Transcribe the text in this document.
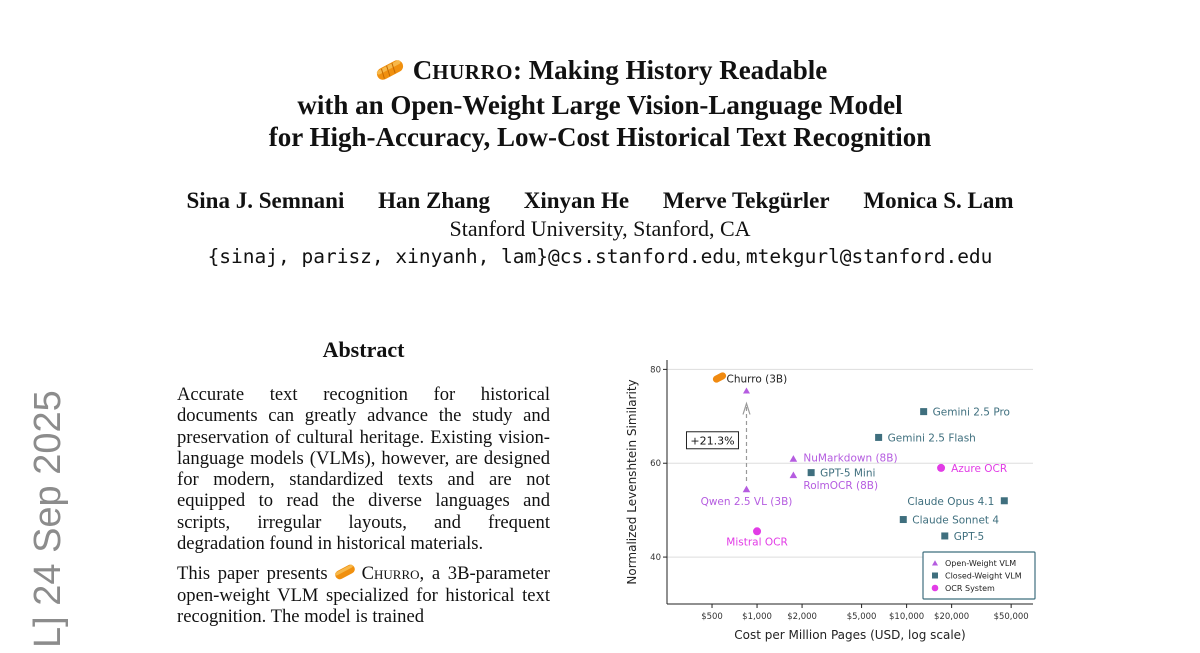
L] 24 Sep 2025
CHURRO: Making History Readable
with an Open-Weight Large Vision-Language Model
for High-Accuracy, Low-Cost Historical Text Recognition
Sina J. Semnani Han Zhang Xinyan He Merve Tekgürler Monica S. Lam
Stanford University, Stanford, CA
{sinaj, parisz, xinyanh, lam}@cs.stanford.edu, mtekgurl@stanford.edu
Abstract

Accurate text recognition for historical documents can greatly advance the study and preservation of cultural heritage. Existing vision-language models (VLMs), however, are designed for modern, standardized texts and are not equipped to read the diverse languages and scripts, irregular layouts, and frequent degradation found in historical materials.

This paper presents Churro, a 3B-parameter open-weight VLM specialized for historical text recognition. The model is trained

40
60
80
$500 $1,000 $2,000	$5,000 $10,000 $20,000	$50,000
Cost per Million Pages (USD, log scale)
Normalized Levenshtein Similarity	+21.3%
Churro (3B)
Qwen 2.5 VL (3B)
NuMarkdown (8B)
RolmOCR (8B)
Gemini 2.5 Pro
Gemini 2.5 Flash
GPT-5 Mini
Claude Opus 4.1
Claude Sonnet 4
GPT-5
Azure OCR
Mistral OCR
Open-Weight VLM
Closed-Weight VLM
OCR System
